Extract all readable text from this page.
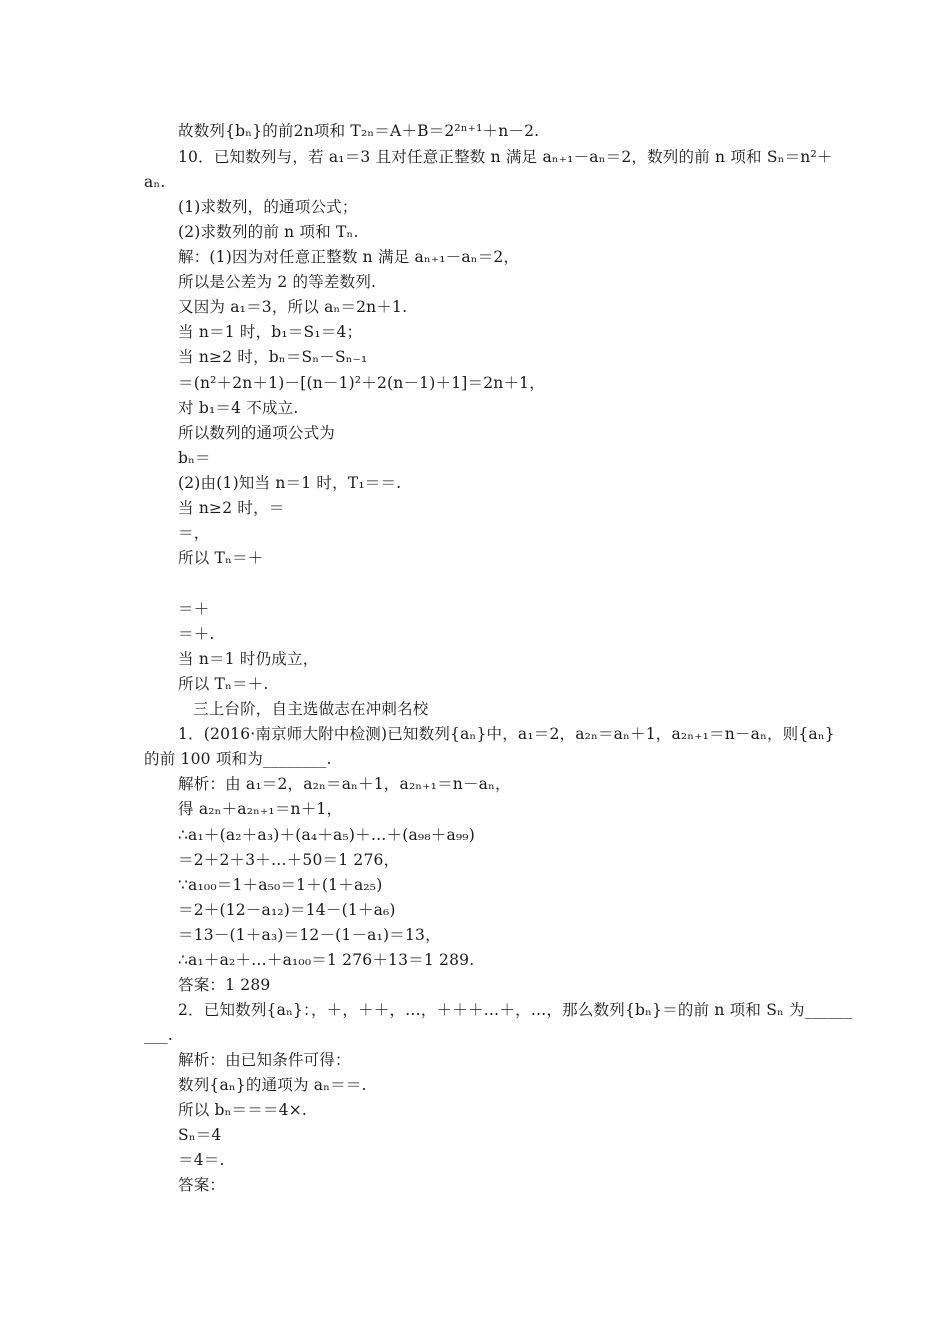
故数列{bₙ}的前2n项和 T₂ₙ＝A＋B＝2²ⁿ⁺¹＋n－2.
10．已知数列与，若 a₁＝3 且对任意正整数 n 满足 aₙ₊₁－aₙ＝2，数列的前 n 项和 Sₙ＝n²＋
aₙ.
(1)求数列，的通项公式；
(2)求数列的前 n 项和 Tₙ.
解：(1)因为对任意正整数 n 满足 aₙ₊₁－aₙ＝2，
所以是公差为 2 的等差数列.
又因为 a₁＝3，所以 aₙ＝2n＋1.
当 n＝1 时，b₁＝S₁＝4；
当 n≥2 时，bₙ＝Sₙ－Sₙ₋₁
＝(n²＋2n＋1)－[(n－1)²＋2(n－1)＋1]＝2n＋1，
对 b₁＝4 不成立.
所以数列的通项公式为
bₙ＝
(2)由(1)知当 n＝1 时，T₁＝＝.
当 n≥2 时，＝
＝，
所以 Tₙ＝＋
＝＋
＝＋.
当 n＝1 时仍成立，
所以 Tₙ＝＋.
三上台阶，自主选做志在冲刺名校
1．(2016·南京师大附中检测)已知数列{aₙ}中，a₁＝2，a₂ₙ＝aₙ＋1，a₂ₙ₊₁＝n－aₙ，则{aₙ}
的前 100 项和为________.
解析：由 a₁＝2，a₂ₙ＝aₙ＋1，a₂ₙ₊₁＝n－aₙ，
得 a₂ₙ＋a₂ₙ₊₁＝n＋1，
∴a₁＋(a₂＋a₃)＋(a₄＋a₅)＋…＋(a₉₈＋a₉₉)
＝2＋2＋3＋…＋50＝1 276，
∵a₁₀₀＝1＋a₅₀＝1＋(1＋a₂₅)
＝2＋(12－a₁₂)＝14－(1＋a₆)
＝13－(1＋a₃)＝12－(1－a₁)＝13，
∴a₁＋a₂＋…＋a₁₀₀＝1 276＋13＝1 289.
答案：1 289
2．已知数列{aₙ}：，＋，＋＋，…，＋＋＋…＋，…，那么数列{bₙ}＝的前 n 项和 Sₙ 为______
___.
解析：由已知条件可得：
数列{aₙ}的通项为 aₙ＝＝.
所以 bₙ＝＝＝4×.
Sₙ＝4
＝4＝.
答案：
